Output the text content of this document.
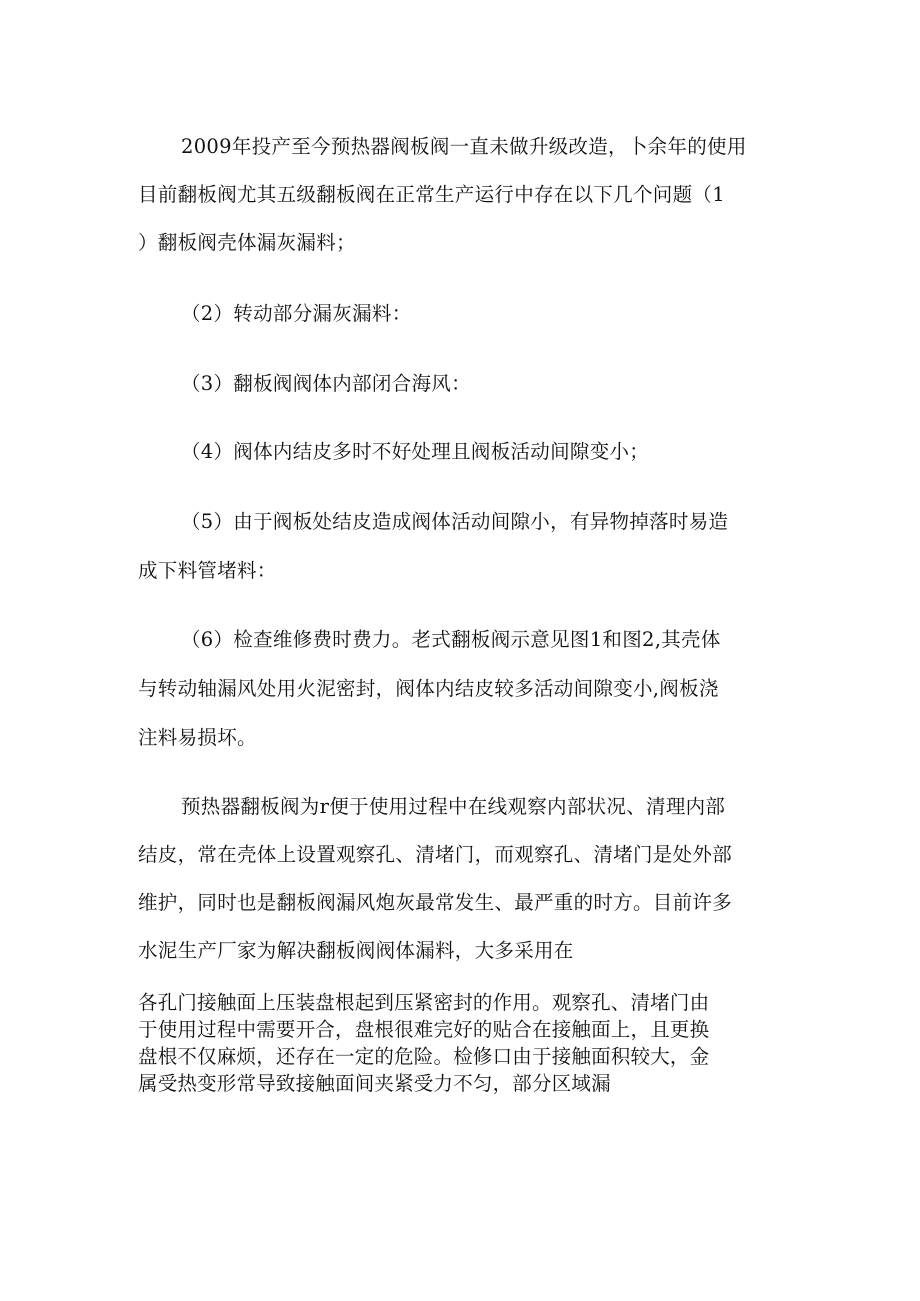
2009年投产至今预热器阀板阀一直未做升级改造，卜余年的使用
目前翻板阀尤其五级翻板阀在正常生产运行中存在以下几个问题（1
）翻板阀壳体漏灰漏料；
（2）转动部分漏灰漏料：
（3）翻板阀阀体内部闭合海风：
（4）阀体内结皮多时不好处理且阀板活动间隙变小；
（5）由于阀板处结皮造成阀体活动间隙小，有异物掉落时易造
成下料管堵料：
（6）检查维修费时费力。老式翻板阀示意见图1和图2,其壳体
与转动轴漏风处用火泥密封，阀体内结皮较多活动间隙变小,阀板浇
注料易损坏。
预热器翻板阀为r便于使用过程中在线观察内部状况、清理内部
结皮，常在壳体上设置观察孔、清堵门，而观察孔、清堵门是处外部
维护，同时也是翻板阀漏风炮灰最常发生、最严重的时方。目前许多
水泥生产厂家为解决翻板阀阀体漏料，大多采用在
各孔门接触面上压装盘根起到压紧密封的作用。观察孔、清堵门由
于使用过程中需要开合，盘根很难完好的贴合在接触面上，且更换
盘根不仅麻烦，还存在一定的危险。检修口由于接触面积较大，金
属受热变形常导致接触面间夹紧受力不匀，部分区域漏
